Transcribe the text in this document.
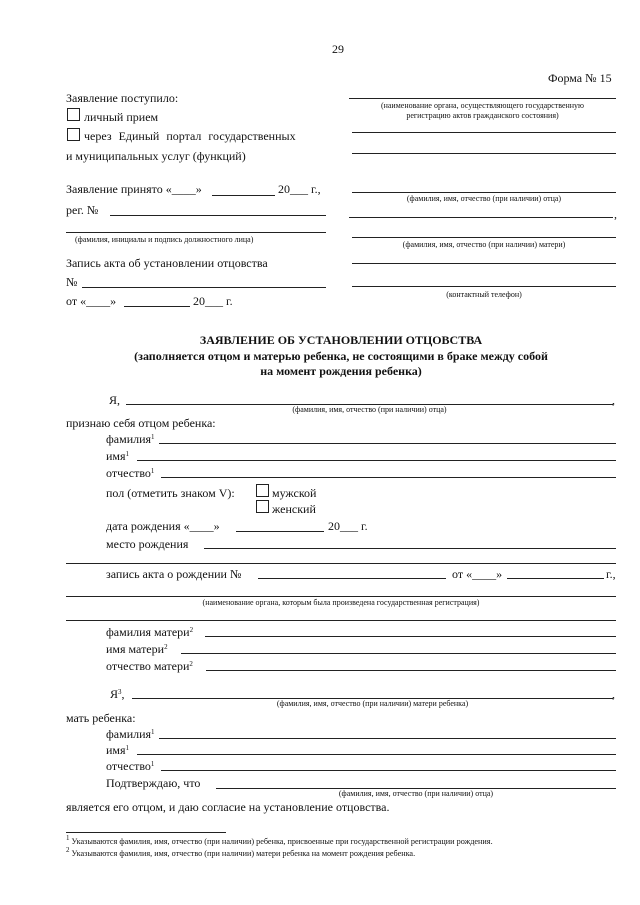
29
Форма № 15
Заявление поступило:
личный прием
через Единый портал государственных
и муниципальных услуг (функций)
Заявление принято «____»	20___ г.,
рег. №
(фамилия, инициалы и подпись должностного лица)
Запись акта об установлении отцовства
№
от «____»	20___ г.
(наименование органа, осуществляющего государственную
регистрацию актов гражданского состояния)
(фамилия, имя, отчество (при наличии) отца)
,
(фамилия, имя, отчество (при наличии) матери)
(контактный телефон)
ЗАЯВЛЕНИЕ ОБ УСТАНОВЛЕНИИ ОТЦОВСТВА
(заполняется отцом и матерью ребенка, не состоящими в браке между собой
на момент рождения ребенка)
Я,	,
(фамилия, имя, отчество (при наличии) отца)
признаю себя отцом ребенка:
фамилия$^1$
имя$^1$
отчество$^1$
пол (отметить знаком V):	мужской
женский
дата рождения «____»	20___ г.
место рождения
запись акта о рождении №	от «____»	г.,
(наименование органа, которым была произведена государственная регистрация)
фамилия матери$^2$
имя матери$^2$
отчество матери$^2$
$Я^3$,	,
(фамилия, имя, отчество (при наличии) матери ребенка)
мать ребенка:
фамилия$^1$
имя$^1$
отчество$^1$
Подтверждаю, что
(фамилия, имя, отчество (при наличии) отца)
является его отцом, и даю согласие на установление отцовства.
$^1$ Указываются фамилия, имя, отчество (при наличии) ребенка, присвоенные при государственной регистрации рождения.
$^2$ Указываются фамилия, имя, отчество (при наличии) матери ребенка на момент рождения ребенка.
